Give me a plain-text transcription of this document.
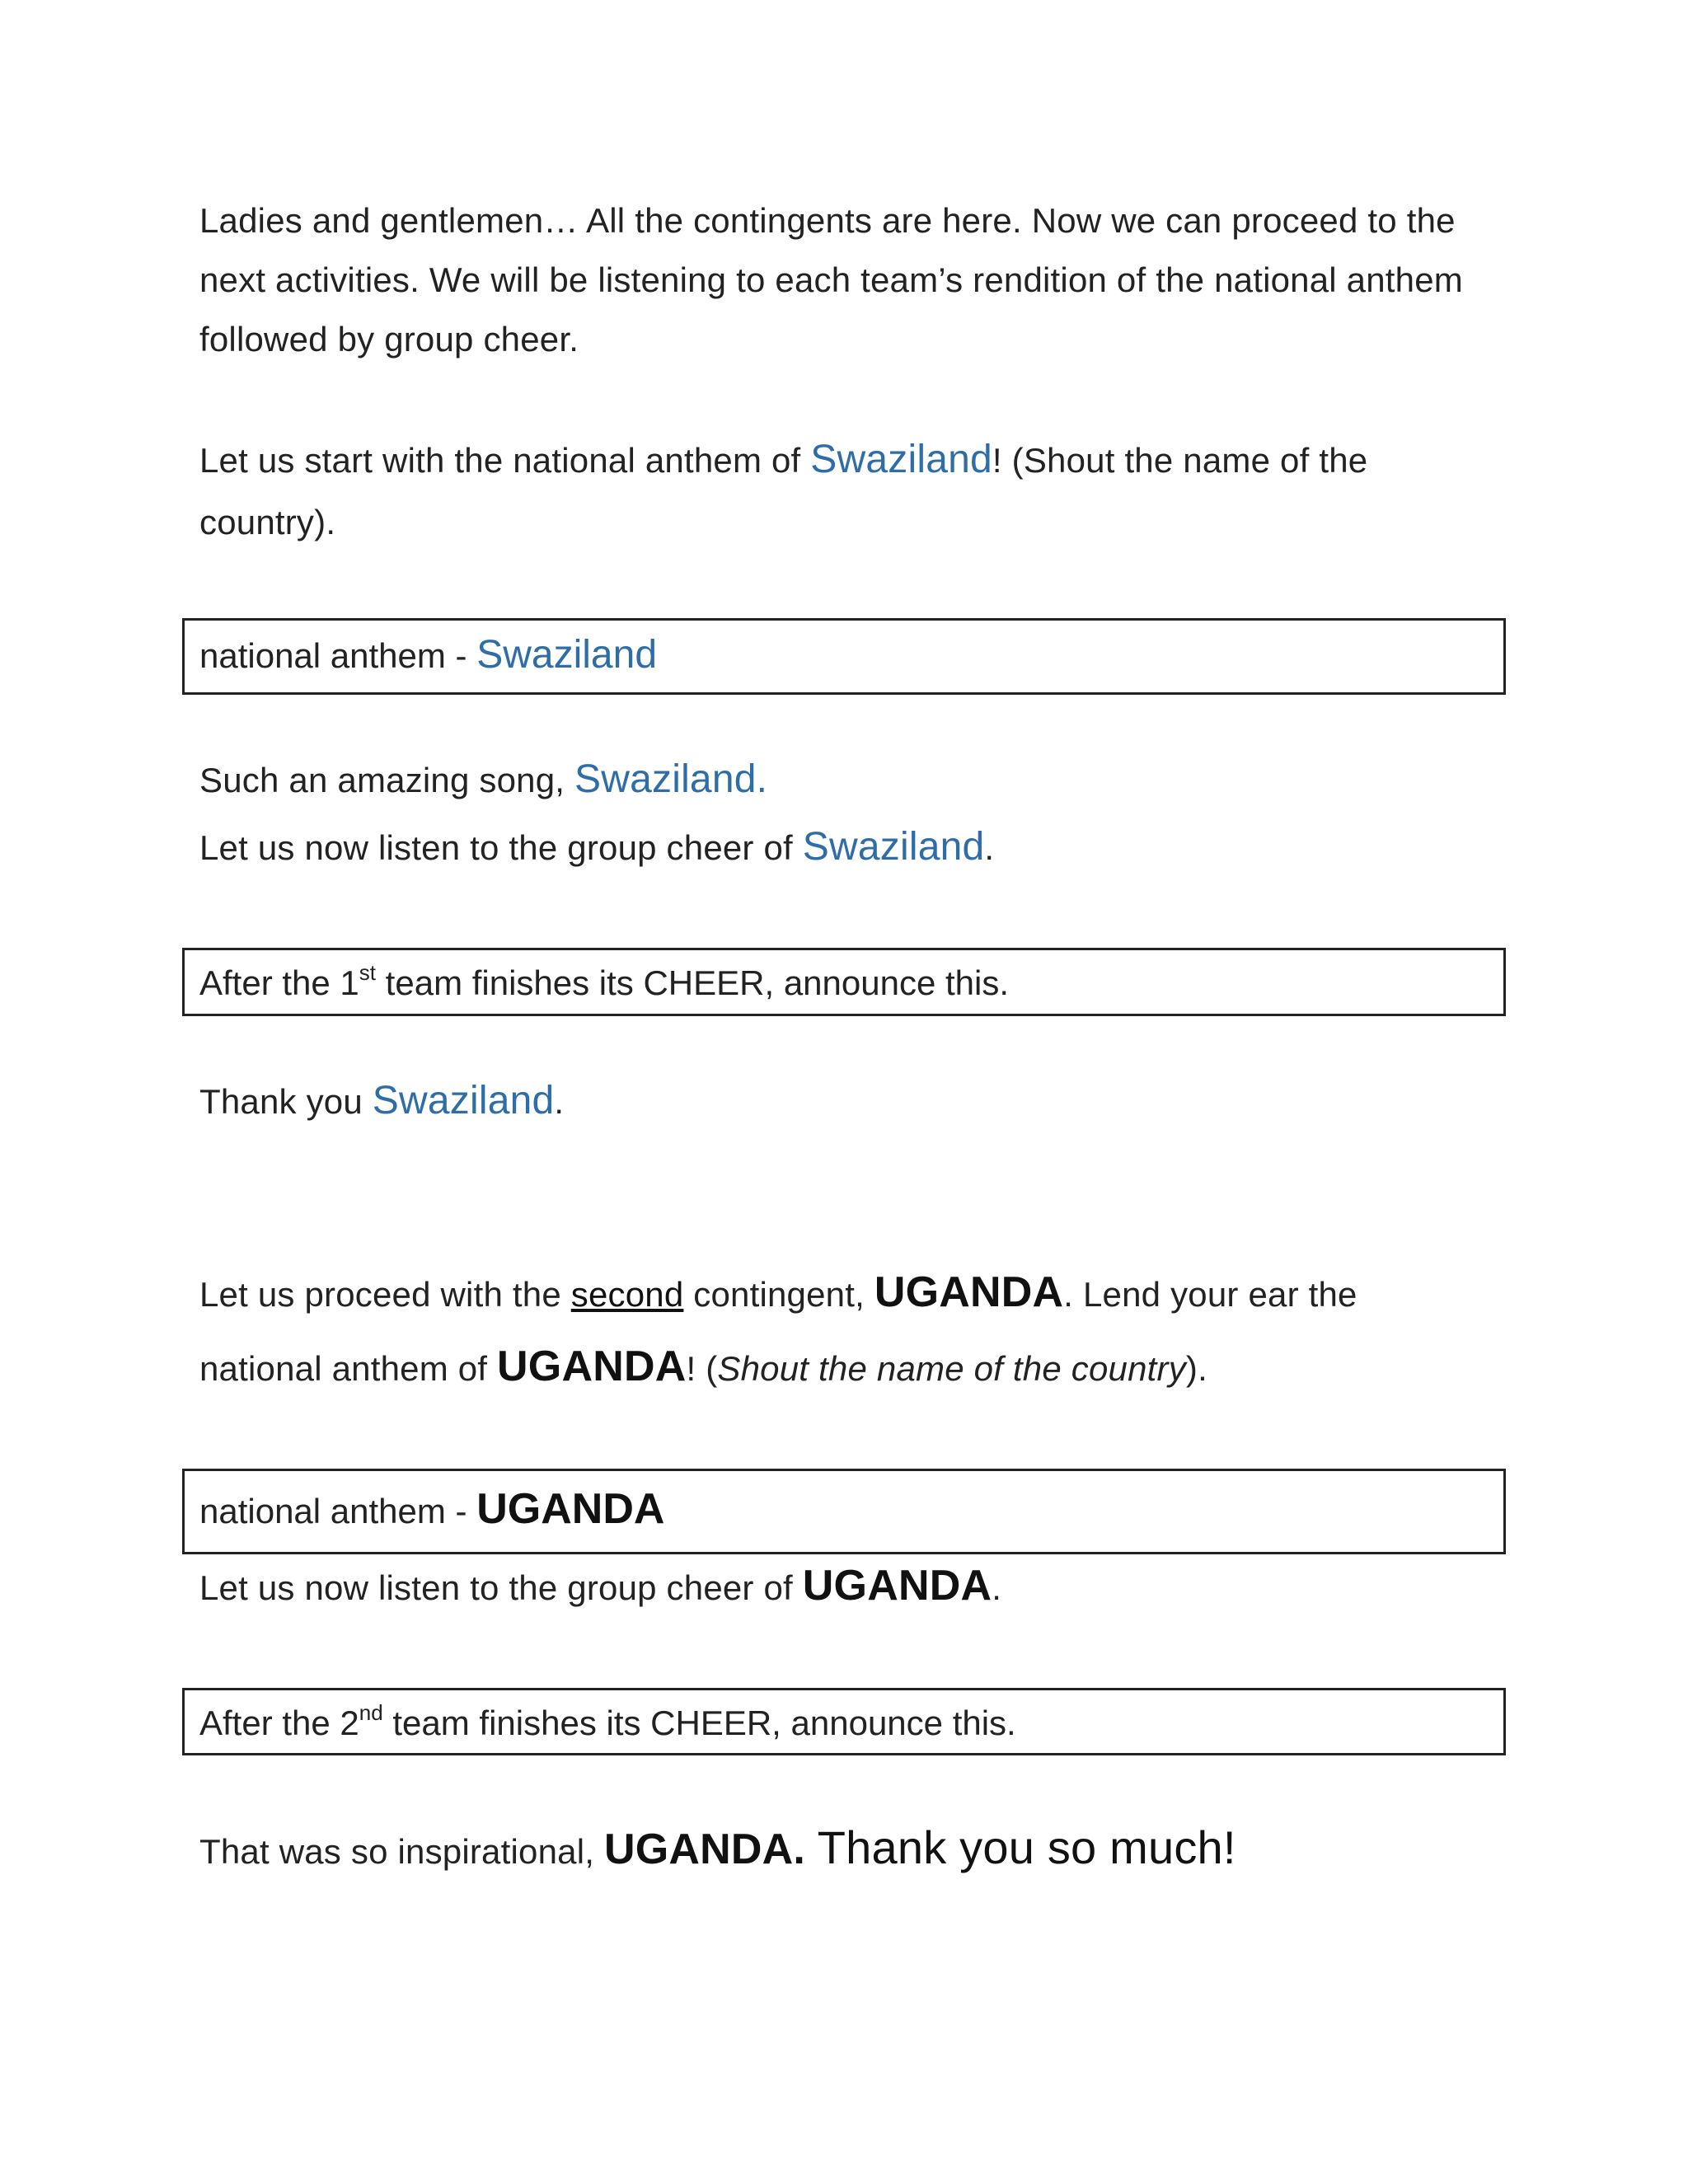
Ladies and gentlemen… All the contingents are here. Now we can proceed to the
next activities. We will be listening to each team’s rendition of the national anthem
followed by group cheer.
Let us start with the national anthem of Swaziland! (Shout the name of the
country).
national anthem - Swaziland
Such an amazing song, Swaziland.
Let us now listen to the group cheer of Swaziland.
After the 1st team finishes its CHEER, announce this.
Thank you Swaziland.
Let us proceed with the second contingent, UGANDA. Lend your ear the
national anthem of UGANDA! (Shout the name of the country).
national anthem - UGANDA
Let us now listen to the group cheer of UGANDA.
After the 2nd team finishes its CHEER, announce this.
That was so inspirational, UGANDA. Thank you so much!
